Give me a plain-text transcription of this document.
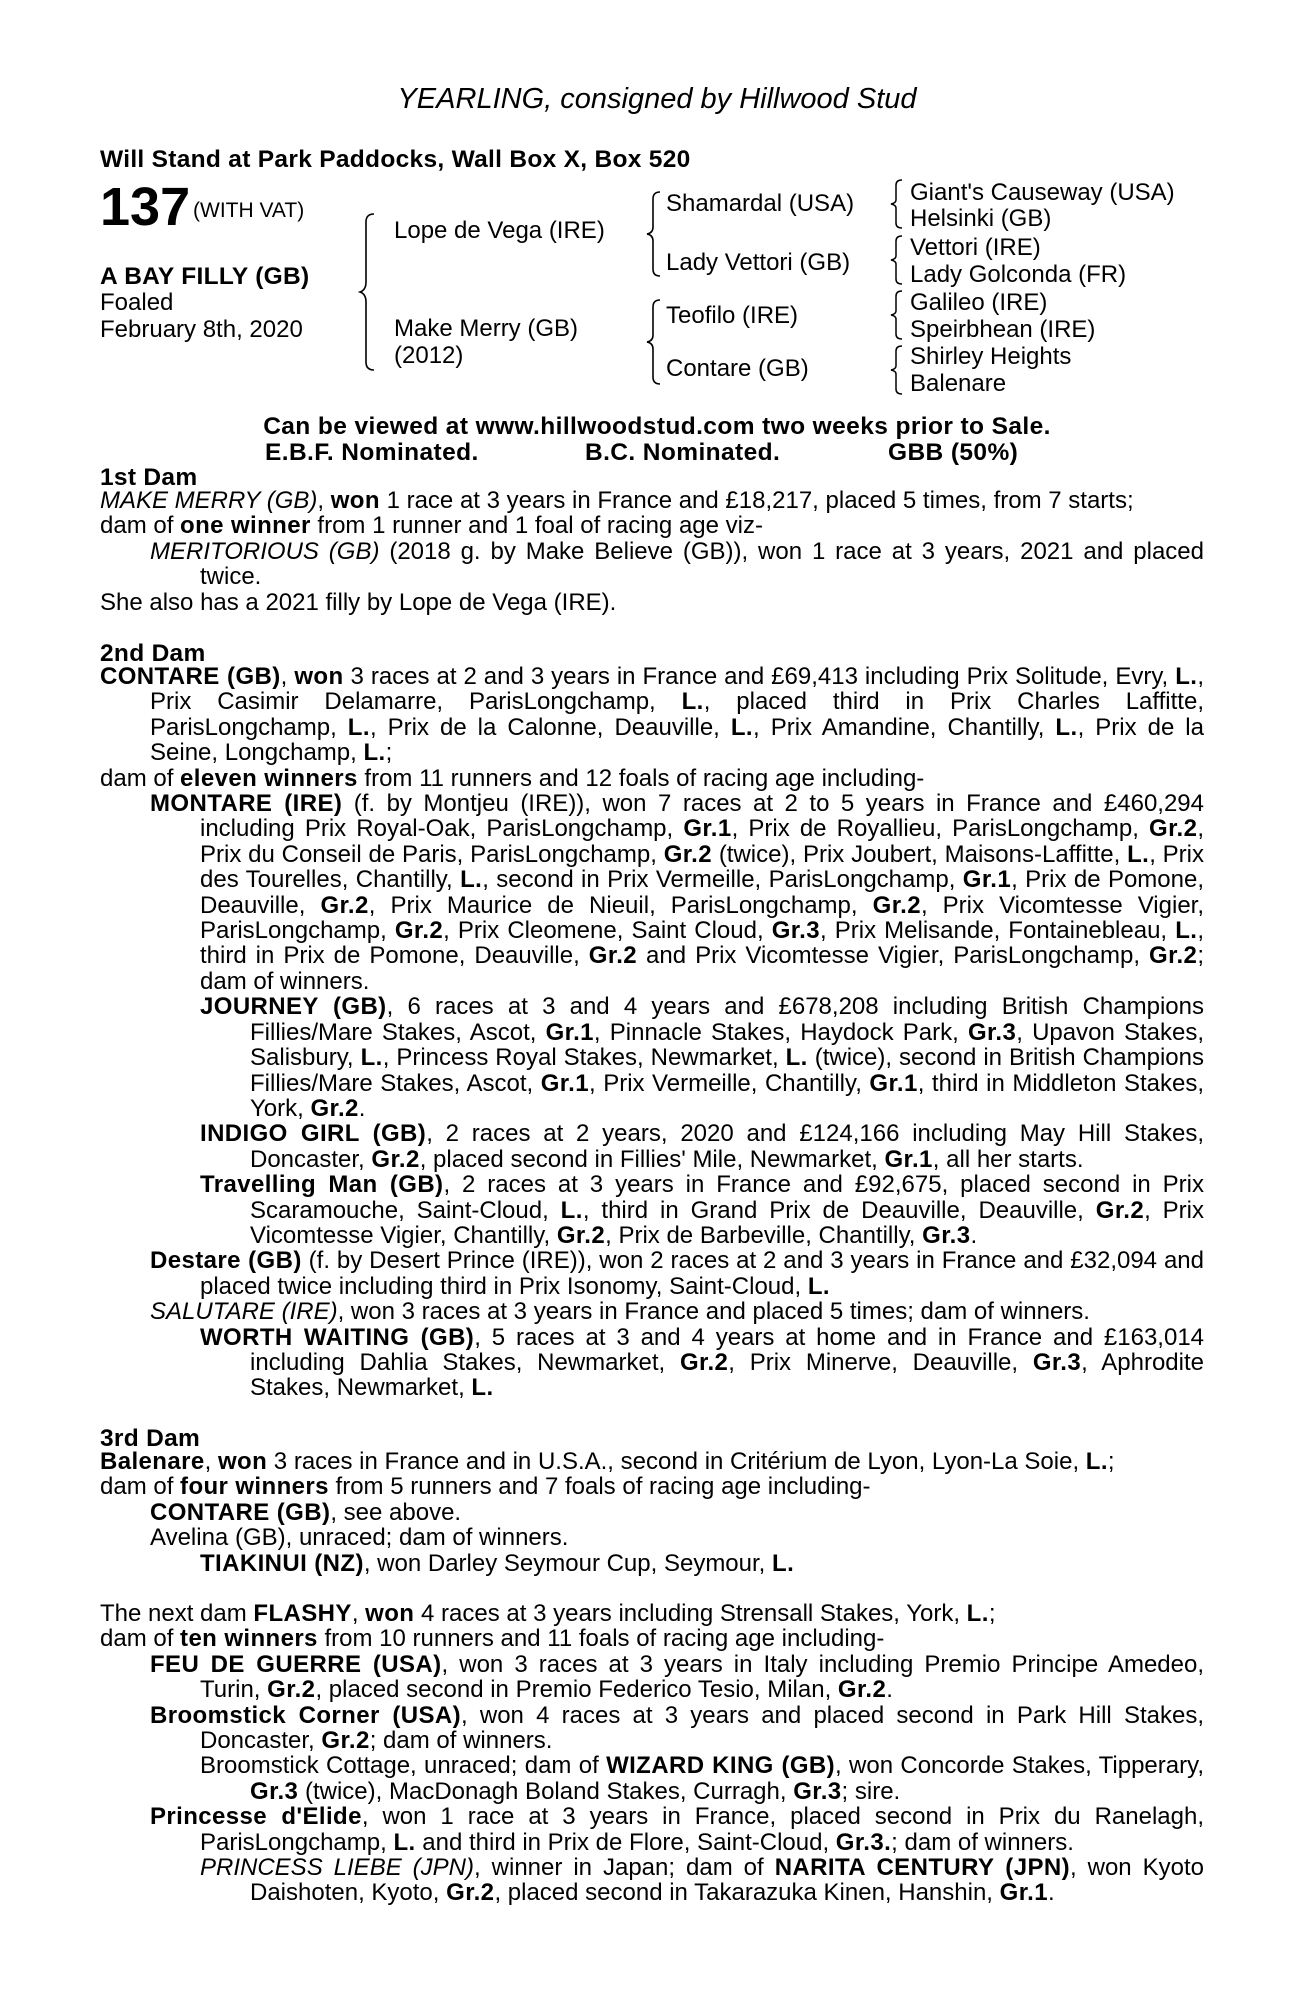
YEARLING, consigned by Hillwood Stud
Will Stand at Park Paddocks, Wall Box X, Box 520
137 (WITH VAT)
A BAY FILLY (GB)
Foaled
February 8th, 2020
Lope de Vega (IRE)
Make Merry (GB)
(2012)
Shamardal (USA)
Lady Vettori (GB)
Teofilo (IRE)
Contare (GB)
Giant's Causeway (USA)
Helsinki (GB)
Vettori (IRE)
Lady Golconda (FR)
Galileo (IRE)
Speirbhean (IRE)
Shirley Heights
Balenare
Can be viewed at www.hillwoodstud.com two weeks prior to Sale.
E.B.F. Nominated.	B.C. Nominated.	GBB (50%)
1st Dam
MAKE MERRY (GB), won 1 race at 3 years in France and £18,217, placed 5 times, from 7 starts;
dam of one winner from 1 runner and 1 foal of racing age viz-
MERITORIOUS (GB) (2018 g. by Make Believe (GB)), won 1 race at 3 years, 2021 and placed twice.
She also has a 2021 filly by Lope de Vega (IRE).
2nd Dam
CONTARE (GB), won 3 races at 2 and 3 years in France and £69,413 including Prix Solitude, Evry, L., Prix Casimir Delamarre, ParisLongchamp, L., placed third in Prix Charles Laffitte, ParisLongchamp, L., Prix de la Calonne, Deauville, L., Prix Amandine, Chantilly, L., Prix de la Seine, Longchamp, L.;
dam of eleven winners from 11 runners and 12 foals of racing age including-
MONTARE (IRE) (f. by Montjeu (IRE)), won 7 races at 2 to 5 years in France and £460,294 including Prix Royal-Oak, ParisLongchamp, Gr.1, Prix de Royallieu, ParisLongchamp, Gr.2, Prix du Conseil de Paris, ParisLongchamp, Gr.2 (twice), Prix Joubert, Maisons-Laffitte, L., Prix des Tourelles, Chantilly, L., second in Prix Vermeille, ParisLongchamp, Gr.1, Prix de Pomone, Deauville, Gr.2, Prix Maurice de Nieuil, ParisLongchamp, Gr.2, Prix Vicomtesse Vigier, ParisLongchamp, Gr.2, Prix Cleomene, Saint Cloud, Gr.3, Prix Melisande, Fontainebleau, L., third in Prix de Pomone, Deauville, Gr.2 and Prix Vicomtesse Vigier, ParisLongchamp, Gr.2; dam of winners.
JOURNEY (GB), 6 races at 3 and 4 years and £678,208 including British Champions Fillies/Mare Stakes, Ascot, Gr.1, Pinnacle Stakes, Haydock Park, Gr.3, Upavon Stakes, Salisbury, L., Princess Royal Stakes, Newmarket, L. (twice), second in British Champions Fillies/Mare Stakes, Ascot, Gr.1, Prix Vermeille, Chantilly, Gr.1, third in Middleton Stakes, York, Gr.2.
INDIGO GIRL (GB), 2 races at 2 years, 2020 and £124,166 including May Hill Stakes, Doncaster, Gr.2, placed second in Fillies' Mile, Newmarket, Gr.1, all her starts.
Travelling Man (GB), 2 races at 3 years in France and £92,675, placed second in Prix Scaramouche, Saint-Cloud, L., third in Grand Prix de Deauville, Deauville, Gr.2, Prix Vicomtesse Vigier, Chantilly, Gr.2, Prix de Barbeville, Chantilly, Gr.3.
Destare (GB) (f. by Desert Prince (IRE)), won 2 races at 2 and 3 years in France and £32,094 and placed twice including third in Prix Isonomy, Saint-Cloud, L.
SALUTARE (IRE), won 3 races at 3 years in France and placed 5 times; dam of winners.
WORTH WAITING (GB), 5 races at 3 and 4 years at home and in France and £163,014 including Dahlia Stakes, Newmarket, Gr.2, Prix Minerve, Deauville, Gr.3, Aphrodite Stakes, Newmarket, L.
3rd Dam
Balenare, won 3 races in France and in U.S.A., second in Critérium de Lyon, Lyon-La Soie, L.;
dam of four winners from 5 runners and 7 foals of racing age including-
CONTARE (GB), see above.
Avelina (GB), unraced; dam of winners.
TIAKINUI (NZ), won Darley Seymour Cup, Seymour, L.
The next dam FLASHY, won 4 races at 3 years including Strensall Stakes, York, L.;
dam of ten winners from 10 runners and 11 foals of racing age including-
FEU DE GUERRE (USA), won 3 races at 3 years in Italy including Premio Principe Amedeo, Turin, Gr.2, placed second in Premio Federico Tesio, Milan, Gr.2.
Broomstick Corner (USA), won 4 races at 3 years and placed second in Park Hill Stakes, Doncaster, Gr.2; dam of winners.
Broomstick Cottage, unraced; dam of WIZARD KING (GB), won Concorde Stakes, Tipperary, Gr.3 (twice), MacDonagh Boland Stakes, Curragh, Gr.3; sire.
Princesse d'Elide, won 1 race at 3 years in France, placed second in Prix du Ranelagh, ParisLongchamp, L. and third in Prix de Flore, Saint-Cloud, Gr.3.; dam of winners.
PRINCESS LIEBE (JPN), winner in Japan; dam of NARITA CENTURY (JPN), won Kyoto Daishoten, Kyoto, Gr.2, placed second in Takarazuka Kinen, Hanshin, Gr.1.
